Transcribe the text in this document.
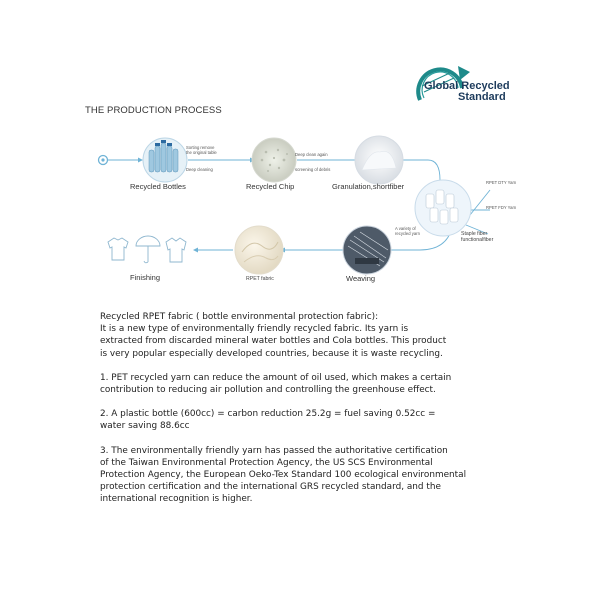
Global Recycled
Standard
THE PRODUCTION PROCESS
Recycled Bottles	Recycled Chip	Granulation,shortfiber
Weaving
RPET fabric
Finishing
Sorting remove
the original table
Deep cleaning
Deep clean again
screening of debris
RPET DTY Yarn
RPET FDY Yarn
Staple fiber
functionalfiber
A variety of
recycled yarn

Recycled RPET fabric ( bottle environmental protection fabric):
It is a new type of environmentally friendly recycled fabric. Its yarn is
extracted from discarded mineral water bottles and Cola bottles. This product
is very popular especially developed countries, because it is waste recycling.

1. PET recycled yarn can reduce the amount of oil used, which makes a certain
contribution to reducing air pollution and controlling the greenhouse effect.

2. A plastic bottle (600cc) = carbon reduction 25.2g = fuel saving 0.52cc =
water saving 88.6cc

3. The environmentally friendly yarn has passed the authoritative certification
of the Taiwan Environmental Protection Agency, the US SCS Environmental
Protection Agency, the European Oeko-Tex Standard 100 ecological environmental
protection certification and the international GRS recycled standard, and the
international recognition is higher.
